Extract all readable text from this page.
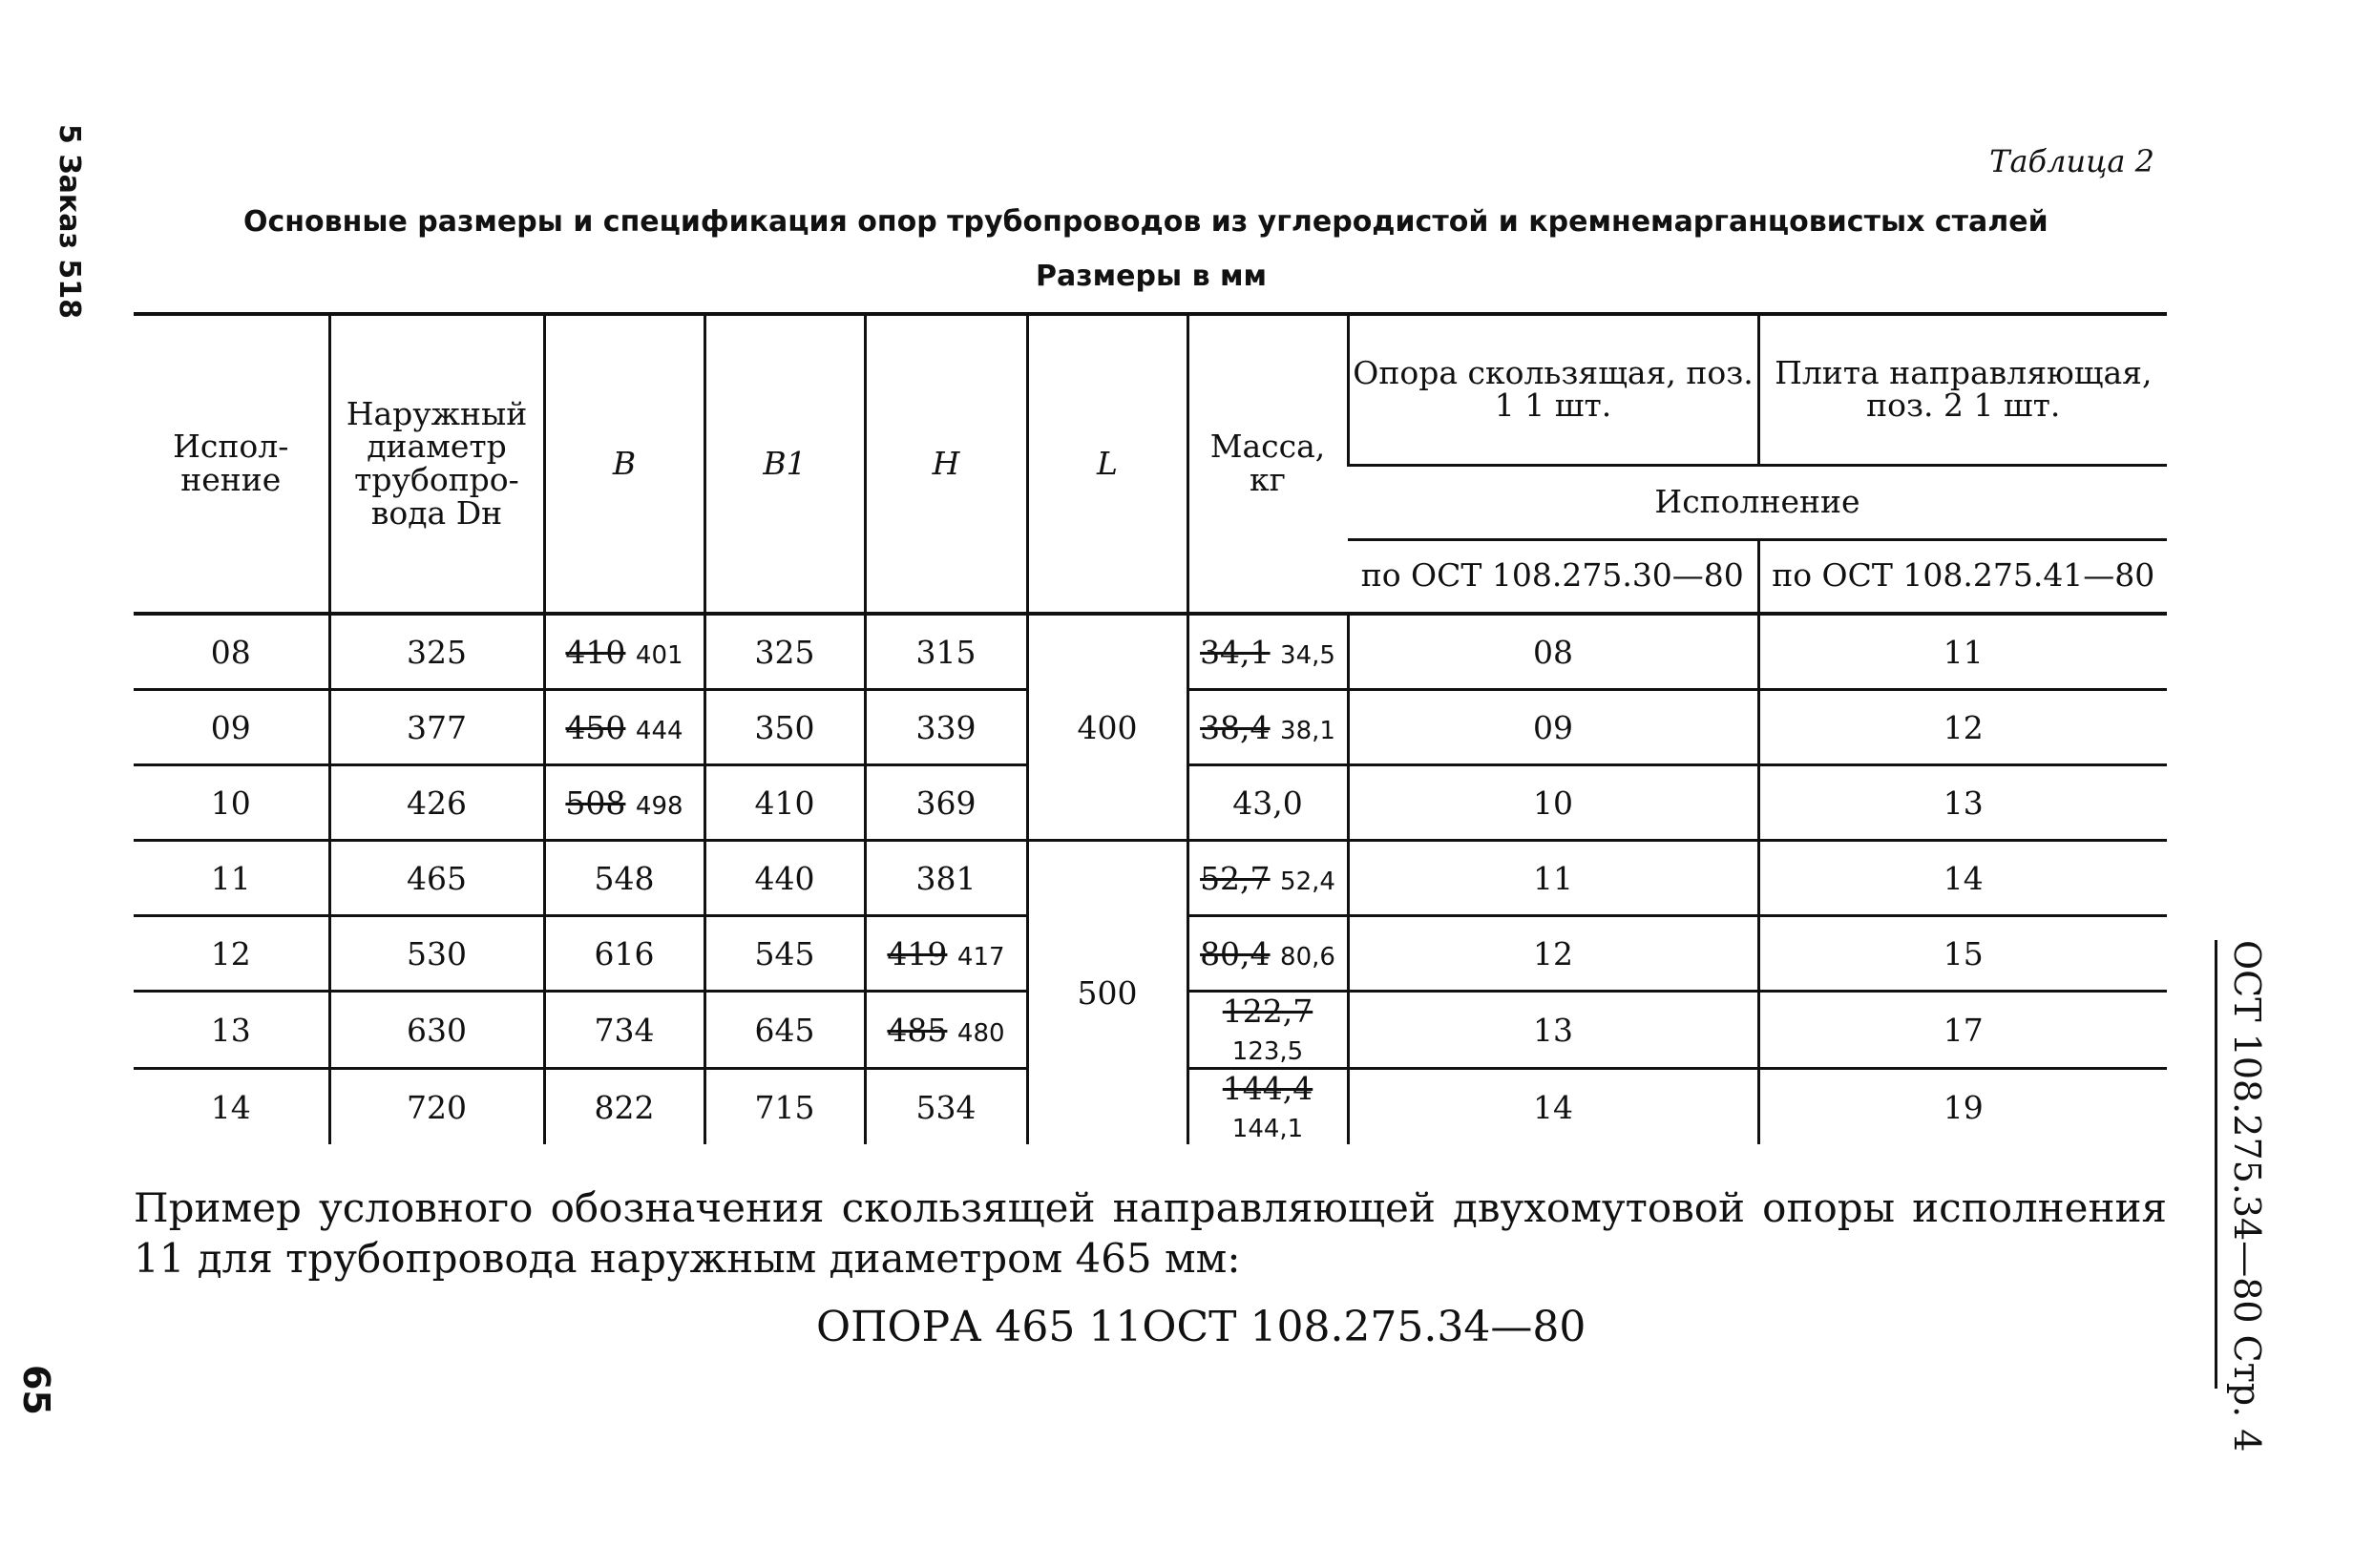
5 Заказ 518
65	ОСТ 108.275.34—80 Стр. 4
Таблица 2
Основные размеры и спецификация опор трубопроводов из углеродистой и кремнемарганцовистых сталей
Размеры в мм
Испол- нение	Наружный диаметр трубопро- вода Dн	B	B1	H	L	Масса, кг	Опора скользящая, поз. 1 1 шт.	Плита направляющая, поз. 2 1 шт.
							Исполнение	
							по ОСТ 108.275.30—80	по ОСТ 108.275.41—80
08	325	410 401	325	315	400	34,1 34,5	08	11
09	377	450 444	350	339		38,4 38,1	09	12
10	426	508 498	410	369		43,0	10	13
11	465	548	440	381	500	52,7 52,4	11	14
12	530	616	545	419 417		80,4 80,6	12	15
13	630	734	645	485 480		122,7 123,5	13	17
14	720	822	715	534		144,4 144,1	14	19
Пример условного обозначения скользящей направляющей двухомутовой опоры исполнения 11 для трубопровода наружным диаметром 465 мм:
ОПОРА 465 11ОСТ 108.275.34—80
